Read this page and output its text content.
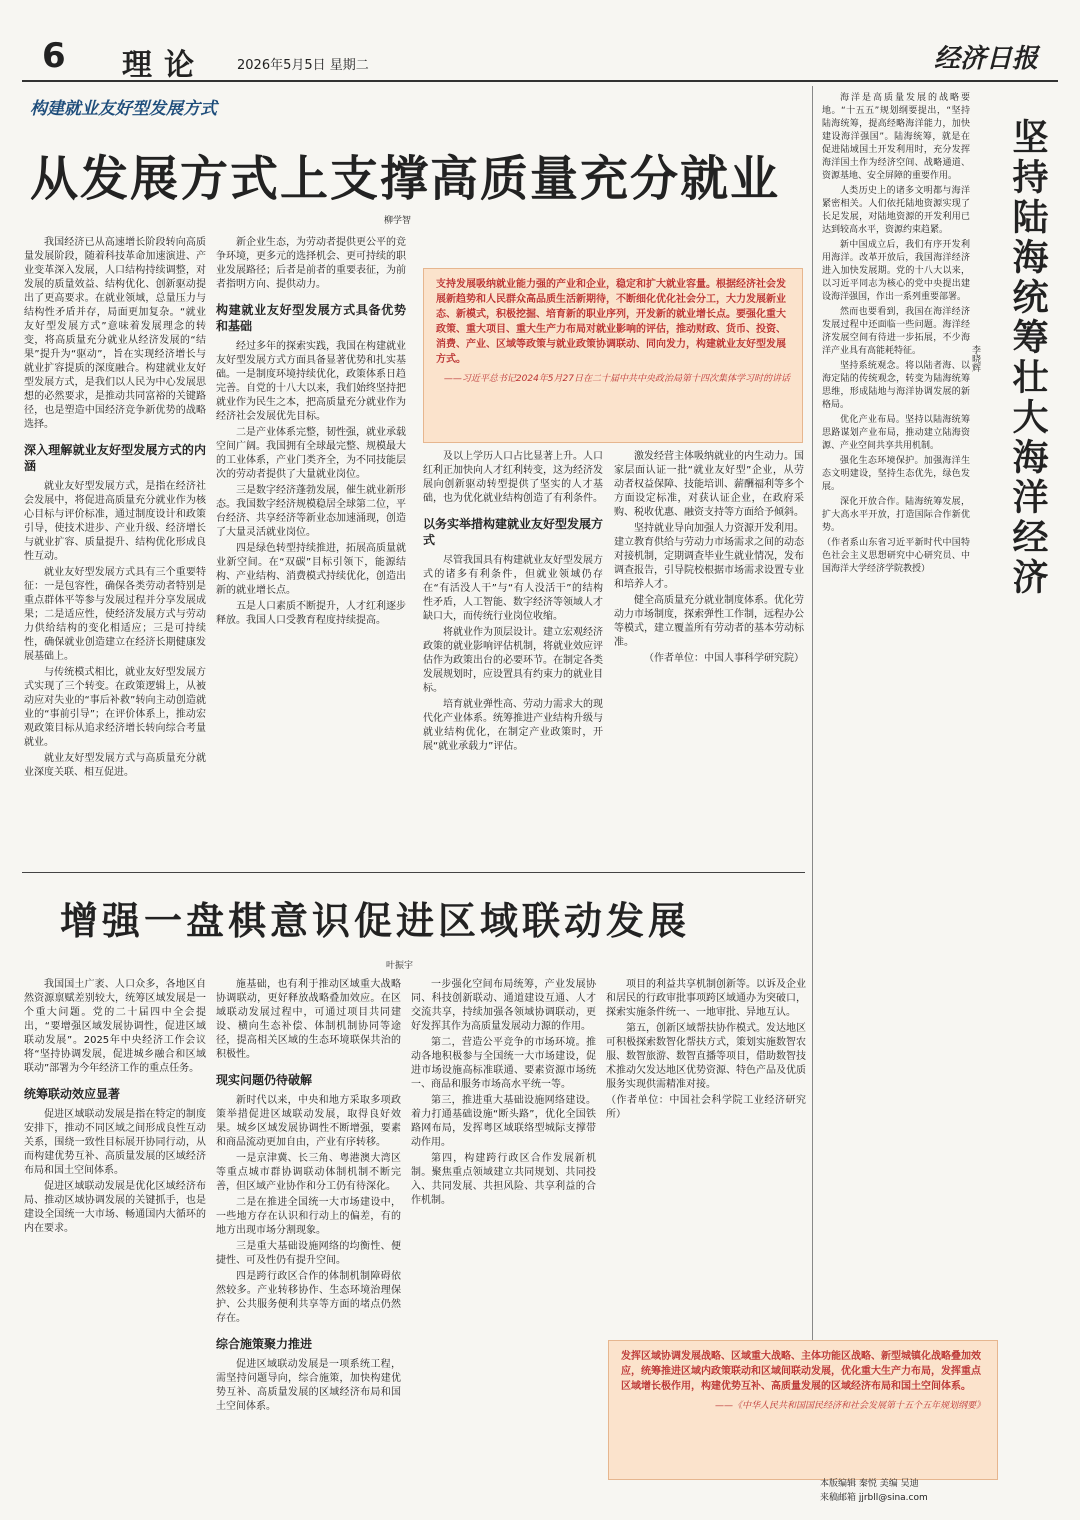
6 理论 2026年5月5日 星期二	经济日报
构建就业友好型发展方式
从发展方式上支撑高质量充分就业
柳学智

我国经济已从高速增长阶段转向高质量发展阶段，随着科技革命加速演进、产业变革深入发展，人口结构持续调整，对发展的质量效益、结构优化、创新驱动提出了更高要求。在就业领域，总量压力与结构性矛盾并存，局面更加复杂。“就业友好型发展方式”意味着发展理念的转变，将高质量充分就业从经济发展的“结果”提升为“驱动”，旨在实现经济增长与就业扩容提质的深度融合。构建就业友好型发展方式，是我们以人民为中心发展思想的必然要求，是推动共同富裕的关键路径，也是塑造中国经济竞争新优势的战略选择。

深入理解就业友好型发展方式的内涵

就业友好型发展方式，是指在经济社会发展中，将促进高质量充分就业作为核心目标与评价标准，通过制度设计和政策引导，使技术进步、产业升级、经济增长与就业扩容、质量提升、结构优化形成良性互动。

就业友好型发展方式具有三个重要特征：一是包容性，确保各类劳动者特别是重点群体平等参与发展过程并分享发展成果；二是适应性，使经济发展方式与劳动力供给结构的变化相适应；三是可持续性，确保就业创造建立在经济长期健康发展基础上。

与传统模式相比，就业友好型发展方式实现了三个转变。在政策逻辑上，从被动应对失业的“事后补救”转向主动创造就业的“事前引导”；在评价体系上，推动宏观政策目标从追求经济增长转向综合考量就业。

就业友好型发展方式与高质量充分就业深度关联、相互促进。

新企业生态，为劳动者提供更公平的竞争环境，更多元的选择机会、更可持续的职业发展路径；后者是前者的重要表征，为前者指明方向、提供动力。

构建就业友好型发展方式具备优势和基础

经过多年的探索实践，我国在构建就业友好型发展方式方面具备显著优势和扎实基础。一是制度环境持续优化，政策体系日趋完善。自党的十八大以来，我们始终坚持把就业作为民生之本，把高质量充分就业作为经济社会发展优先目标。

二是产业体系完整，韧性强，就业承载空间广阔。我国拥有全球最完整、规模最大的工业体系，产业门类齐全，为不同技能层次的劳动者提供了大量就业岗位。

三是数字经济蓬勃发展，催生就业新形态。我国数字经济规模稳居全球第二位，平台经济、共享经济等新业态加速涌现，创造了大量灵活就业岗位。

四是绿色转型持续推进，拓展高质量就业新空间。在“双碳”目标引领下，能源结构、产业结构、消费模式持续优化，创造出新的就业增长点。

五是人口素质不断提升，人才红利逐步释放。我国人口受教育程度持续提高。

支持发展吸纳就业能力强的产业和企业，稳定和扩大就业容量。根据经济社会发展新趋势和人民群众高品质生活新期待，不断细化优化社会分工，大力发展新业态、新模式，积极挖掘、培育新的职业序列，开发新的就业增长点。要强化重大政策、重大项目、重大生产力布局对就业影响的评估，推动财政、货币、投资、消费、产业、区域等政策与就业政策协调联动、同向发力，构建就业友好型发展方式。

——习近平总书记2024年5月27日在二十届中共中央政治局第十四次集体学习时的讲话

及以上学历人口占比显著上升。人口红利正加快向人才红利转变，这为经济发展向创新驱动转型提供了坚实的人才基础，也为优化就业结构创造了有利条件。

以务实举措构建就业友好型发展方式

尽管我国具有构建就业友好型发展方式的诸多有利条件，但就业领域仍存在“有活没人干”与“有人没活干”的结构性矛盾，人工智能、数字经济等领域人才缺口大，而传统行业岗位收缩。

将就业作为顶层设计。建立宏观经济政策的就业影响评估机制，将就业效应评估作为政策出台的必要环节。在制定各类发展规划时，应设置具有约束力的就业目标。

培育就业弹性高、劳动力需求大的现代化产业体系。统筹推进产业结构升级与就业结构优化，在制定产业政策时，开展“就业承载力”评估。

激发经营主体吸纳就业的内生动力。国家层面认证一批“就业友好型”企业，从劳动者权益保障、技能培训、薪酬福利等多个方面设定标准，对获认证企业，在政府采购、税收优惠、融资支持等方面给予倾斜。

坚持就业导向加强人力资源开发利用。建立教育供给与劳动力市场需求之间的动态对接机制，定期调查毕业生就业情况，发布调查报告，引导院校根据市场需求设置专业和培养人才。

健全高质量充分就业制度体系。优化劳动力市场制度，探索弹性工作制，远程办公等模式，建立覆盖所有劳动者的基本劳动标准。

（作者单位：中国人事科学研究院）

海洋是高质量发展的战略要地。“十五五”规划纲要提出，“坚持陆海统筹，提高经略海洋能力，加快建设海洋强国”。陆海统筹，就是在促进陆域国土开发利用时，充分发挥海洋国土作为经济空间、战略通道、资源基地、安全屏障的重要作用。

人类历史上的诸多文明都与海洋紧密相关。人们依托陆地资源实现了长足发展，对陆地资源的开发利用已达到较高水平，资源约束趋紧。

新中国成立后，我们有序开发利用海洋。改革开放后，我国海洋经济进入加快发展期。党的十八大以来，以习近平同志为核心的党中央提出建设海洋强国，作出一系列重要部署。

然而也要看到，我国在海洋经济发展过程中还面临一些问题。海洋经济发展空间有待进一步拓展，不少海洋产业具有高能耗特征。

坚持系统观念。将以陆者海、以海定陆的传统观念，转变为陆海统筹思维，形成陆地与海洋协调发展的新格局。

优化产业布局。坚持以陆海统筹思路谋划产业布局，推动建立陆海资源、产业空间共享共用机制。

强化生态环境保护。加强海洋生态文明建设，坚持生态优先，绿色发展。

深化开放合作。陆海统筹发展，扩大高水平开放，打造国际合作新优势。

（作者系山东省习近平新时代中国特色社会主义思想研究中心研究员、中国海洋大学经济学院教授）	坚持陆海统筹壮大海洋经济
李晓辉
增强一盘棋意识促进区域联动发展
叶振宇

我国国土广袤、人口众多，各地区自然资源禀赋差别较大，统筹区域发展是一个重大问题。党的二十届四中全会提出，“要增强区域发展协调性，促进区域联动发展”。2025年中央经济工作会议将“坚持协调发展，促进城乡融合和区域联动”部署为今年经济工作的重点任务。

统筹联动效应显著

促进区域联动发展是指在特定的制度安排下，推动不同区域之间形成良性互动关系，围绕一致性目标展开协同行动，从而构建优势互补、高质量发展的区域经济布局和国土空间体系。

促进区域联动发展是优化区域经济布局、推动区域协调发展的关键抓手，也是建设全国统一大市场、畅通国内大循环的内在要求。

施基础，也有利于推动区域重大战略协调联动，更好释放战略叠加效应。在区域联动发展过程中，可通过项目共同建设、横向生态补偿、体制机制协同等途径，提高相关区域的生态环境联保共治的积极性。

现实问题仍待破解

新时代以来，中央和地方采取多项政策举措促进区域联动发展，取得良好效果。城乡区域发展协调性不断增强，要素和商品流动更加自由，产业有序转移。

一是京津冀、长三角、粤港澳大湾区等重点城市群协调联动体制机制不断完善，但区域产业协作和分工仍有待深化。

二是在推进全国统一大市场建设中，一些地方存在认识和行动上的偏差，有的地方出现市场分割现象。

三是重大基础设施网络的均衡性、便捷性、可及性仍有提升空间。

四是跨行政区合作的体制机制障碍依然较多。产业转移协作、生态环境治理保护、公共服务便利共享等方面的堵点仍然存在。

综合施策聚力推进

促进区域联动发展是一项系统工程，需坚持问题导向，综合施策，加快构建优势互补、高质量发展的区域经济布局和国土空间体系。

一步强化空间布局统筹，产业发展协同、科技创新联动、通道建设互通、人才交流共享，持续加强各领域协调联动，更好发挥其作为高质量发展动力源的作用。

第二，营造公平竞争的市场环境。推动各地积极参与全国统一大市场建设，促进市场设施高标准联通、要素资源市场统一、商品和服务市场高水平统一等。

第三，推进重大基础设施网络建设。着力打通基础设施“断头路”，优化全国铁路网布局，发挥粤区域联络型城际支撑带动作用。

第四，构建跨行政区合作发展新机制。聚焦重点领域建立共同规划、共同投入、共同发展、共担风险、共享利益的合作机制。

项目的利益共享机制创新等。以诉及企业和居民的行政审批事项跨区域通办为突破口，探索实施条件统一、一地审批、异地互认。

第五，创新区域帮扶协作模式。发达地区可积极探索数智化帮扶方式，策划实施数智农服、数智旅游、数智直播等项目，借助数智技术推动欠发达地区优势资源、特色产品及优质服务实现供需精准对接。

（作者单位：中国社会科学院工业经济研究所）

发挥区域协调发展战略、区域重大战略、主体功能区战略、新型城镇化战略叠加效应，统筹推进区域内政策联动和区域间联动发展，优化重大生产力布局，发挥重点区域增长极作用，构建优势互补、高质量发展的区域经济布局和国土空间体系。

——《中华人民共和国国民经济和社会发展第十五个五年规划纲要》
本版编辑 秦悦 美编 吴迪
来稿邮箱 jjrbll@sina.com
